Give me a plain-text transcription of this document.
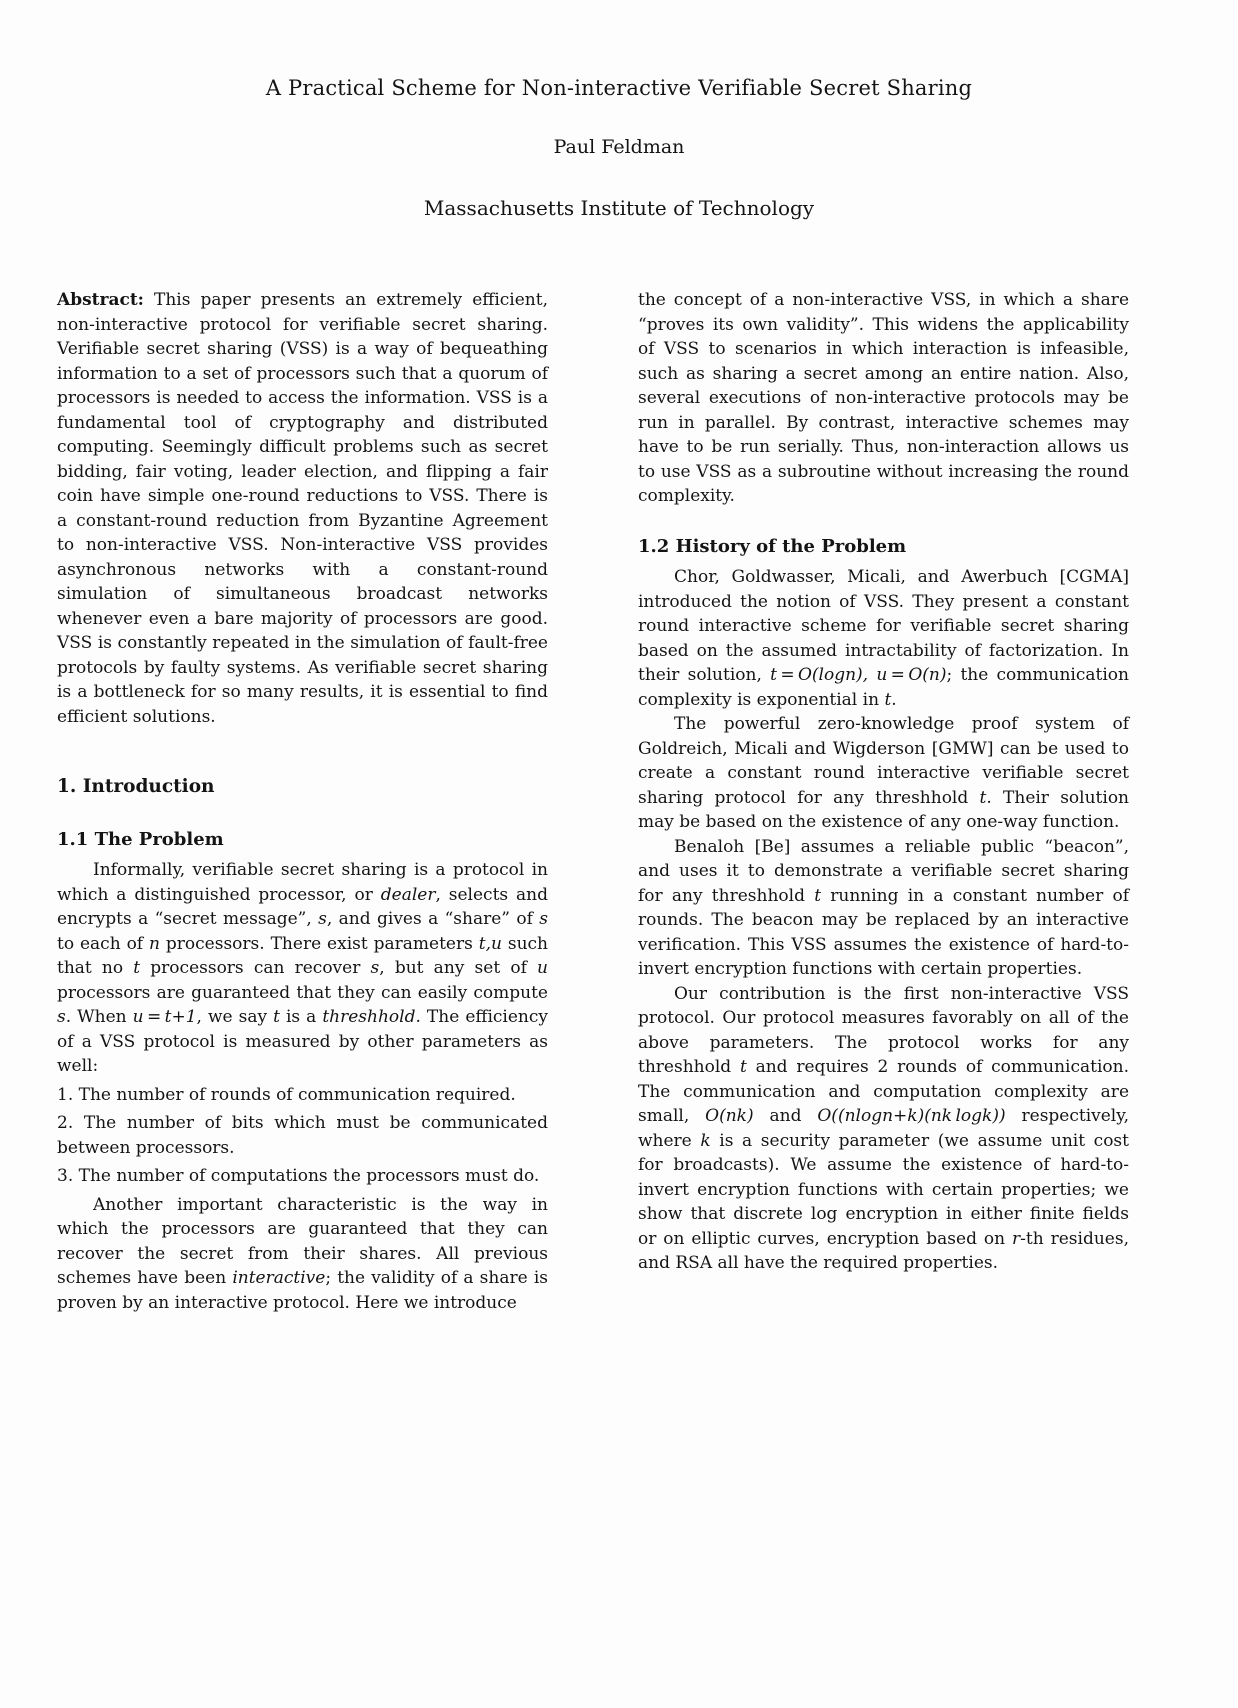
A Practical Scheme for Non-interactive Verifiable Secret Sharing
Paul Feldman
Massachusetts Institute of Technology

Abstract: This paper presents an extremely efficient, non-interactive protocol for verifiable secret sharing. Verifiable secret sharing (VSS) is a way of bequeathing information to a set of processors such that a quorum of processors is needed to access the information. VSS is a fundamental tool of cryptography and distributed computing. Seemingly difficult problems such as secret bidding, fair voting, leader election, and flipping a fair coin have simple one-round reductions to VSS. There is a constant-round reduction from Byzantine Agreement to non-interactive VSS. Non-interactive VSS provides asynchronous networks with a constant-round simulation of simultaneous broadcast networks whenever even a bare majority of processors are good. VSS is constantly repeated in the simulation of fault-free protocols by faulty systems. As verifiable secret sharing is a bottleneck for so many results, it is essential to find efficient solutions.

1. Introduction
1.1 The Problem

Informally, verifiable secret sharing is a protocol in which a distinguished processor, or dealer, selects and encrypts a “secret message”, s, and gives a “share” of s to each of n processors. There exist parameters t,u such that no t processors can recover s, but any set of u processors are guaranteed that they can easily compute s. When u = t+1, we say t is a threshhold. The efficiency of a VSS protocol is measured by other parameters as well:

1. The number of rounds of communication required.
2. The number of bits which must be communicated between processors.
3. The number of computations the processors must do.

Another important characteristic is the way in which the processors are guaranteed that they can recover the secret from their shares. All previous schemes have been interactive; the validity of a share is proven by an interactive protocol. Here we introduce

the concept of a non-interactive VSS, in which a share “proves its own validity”. This widens the applicability of VSS to scenarios in which interaction is infeasible, such as sharing a secret among an entire nation. Also, several executions of non-interactive protocols may be run in parallel. By contrast, interactive schemes may have to be run serially. Thus, non-interaction allows us to use VSS as a subroutine without increasing the round complexity.

1.2 History of the Problem

Chor, Goldwasser, Micali, and Awerbuch [CGMA] introduced the notion of VSS. They present a constant round interactive scheme for verifiable secret sharing based on the assumed intractability of factorization. In their solution, t = O(logn), u = O(n); the communication complexity is exponential in t.

The powerful zero-knowledge proof system of Goldreich, Micali and Wigderson [GMW] can be used to create a constant round interactive verifiable secret sharing protocol for any threshhold t. Their solution may be based on the existence of any one-way function.

Benaloh [Be] assumes a reliable public “beacon”, and uses it to demonstrate a verifiable secret sharing for any threshhold t running in a constant number of rounds. The beacon may be replaced by an interactive verification. This VSS assumes the existence of hard-to-invert encryption functions with certain properties.

Our contribution is the first non-interactive VSS protocol. Our protocol measures favorably on all of the above parameters. The protocol works for any threshhold t and requires 2 rounds of communication. The communication and computation complexity are small, O(nk) and O((nlogn+k)(nk logk)) respectively, where k is a security parameter (we assume unit cost for broadcasts). We assume the existence of hard-to-invert encryption functions with certain properties; we show that discrete log encryption in either finite fields or on elliptic curves, encryption based on r-th residues, and RSA all have the required properties.
